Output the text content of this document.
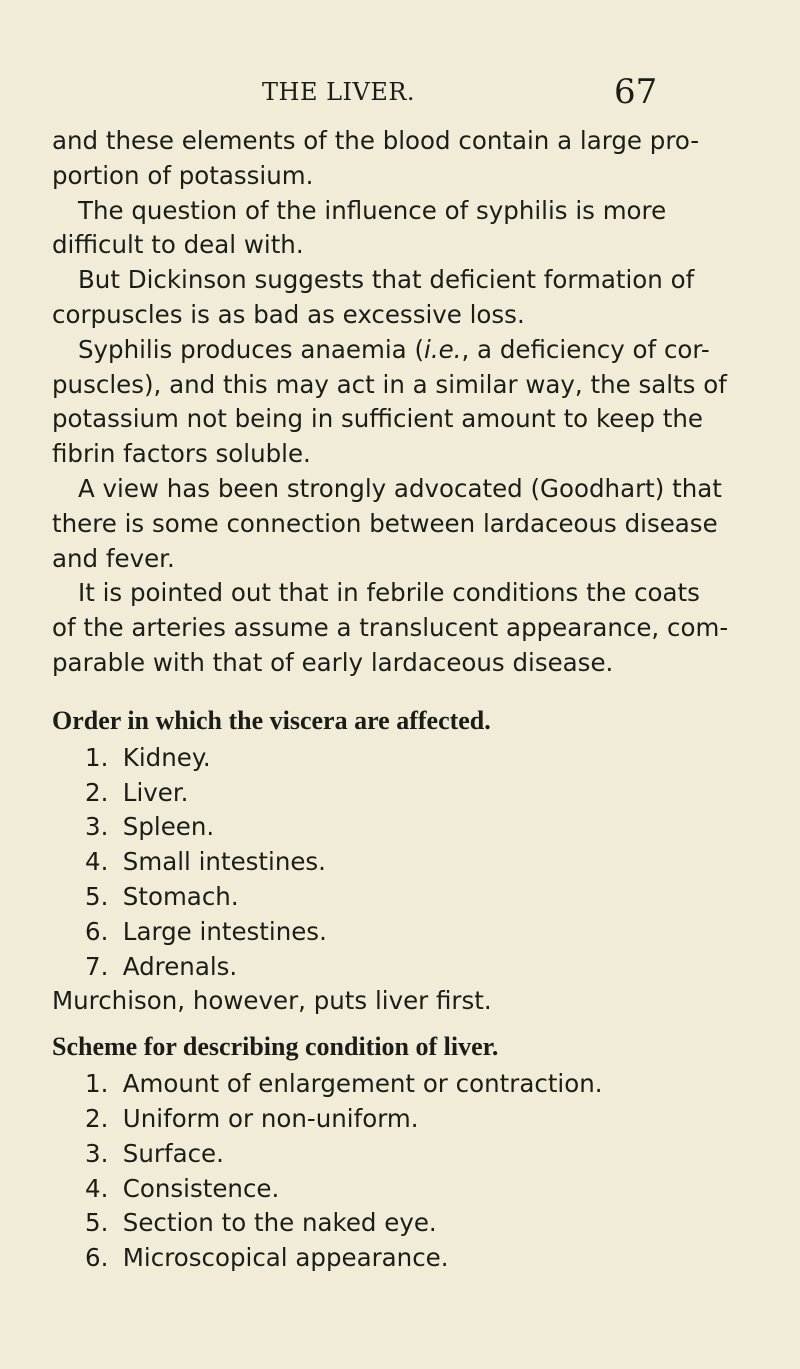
THE LIVER.	67
and these elements of the blood contain a large pro-
portion of potassium.
The question of the influence of syphilis is more
difficult to deal with.
But Dickinson suggests that deficient formation of
corpuscles is as bad as excessive loss.
Syphilis produces anaemia (i.e., a deficiency of cor-
puscles), and this may act in a similar way, the salts of
potassium not being in sufficient amount to keep the
fibrin factors soluble.
A view has been strongly advocated (Goodhart) that
there is some connection between lardaceous disease
and fever.
It is pointed out that in febrile conditions the coats
of the arteries assume a translucent appearance, com-
parable with that of early lardaceous disease.
Order in which the viscera are affected.
1. Kidney.
2. Liver.
3. Spleen.
4. Small intestines.
5. Stomach.
6. Large intestines.
7. Adrenals.
Murchison, however, puts liver first.
Scheme for describing condition of liver.
1. Amount of enlargement or contraction.
2. Uniform or non-uniform.
3. Surface.
4. Consistence.
5. Section to the naked eye.
6. Microscopical appearance.
